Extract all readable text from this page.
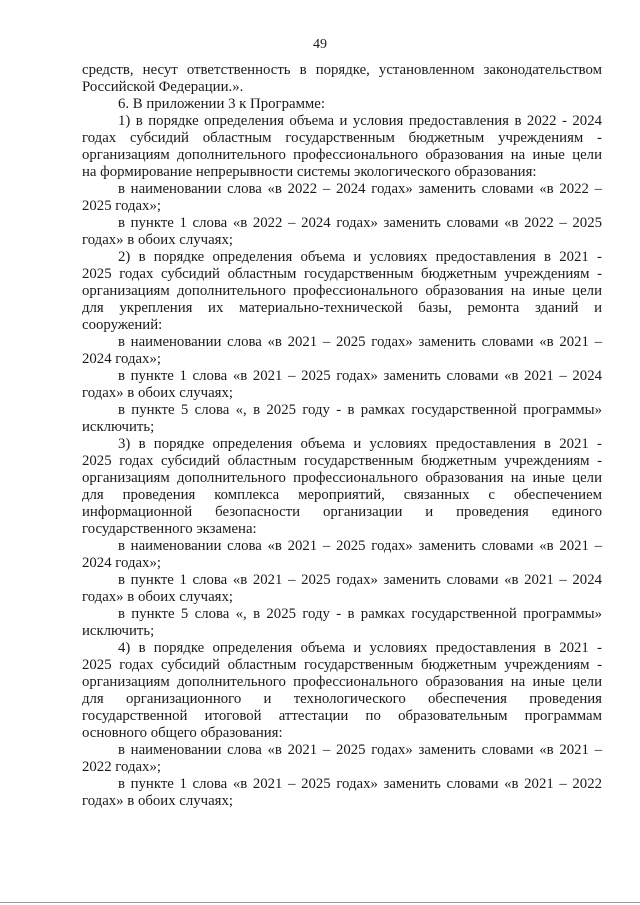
49
средств, несут ответственность в порядке, установленном законодательством
Российской Федерации.».
6. В приложении 3 к Программе:
1) в порядке определения объема и условия предоставления в 2022 - 2024
годах субсидий областным государственным бюджетным учреждениям -
организациям дополнительного профессионального образования на иные цели
на формирование непрерывности системы экологического образования:
в наименовании слова «в 2022 – 2024 годах» заменить словами «в 2022 –
2025 годах»;
в пункте 1 слова «в 2022 – 2024 годах» заменить словами «в 2022 – 2025
годах» в обоих случаях;
2) в порядке определения объема и условиях предоставления в 2021 -
2025 годах субсидий областным государственным бюджетным учреждениям -
организациям дополнительного профессионального образования на иные цели
для укрепления их материально-технической базы, ремонта зданий и
сооружений:
в наименовании слова «в 2021 – 2025 годах» заменить словами «в 2021 –
2024 годах»;
в пункте 1 слова «в 2021 – 2025 годах» заменить словами «в 2021 – 2024
годах» в обоих случаях;
в пункте 5 слова «, в 2025 году - в рамках государственной программы»
исключить;
3) в порядке определения объема и условиях предоставления в 2021 -
2025 годах субсидий областным государственным бюджетным учреждениям -
организациям дополнительного профессионального образования на иные цели
для проведения комплекса мероприятий, связанных с обеспечением
информационной безопасности организации и проведения единого
государственного экзамена:
в наименовании слова «в 2021 – 2025 годах» заменить словами «в 2021 –
2024 годах»;
в пункте 1 слова «в 2021 – 2025 годах» заменить словами «в 2021 – 2024
годах» в обоих случаях;
в пункте 5 слова «, в 2025 году - в рамках государственной программы»
исключить;
4) в порядке определения объема и условиях предоставления в 2021 -
2025 годах субсидий областным государственным бюджетным учреждениям -
организациям дополнительного профессионального образования на иные цели
для организационного и технологического обеспечения проведения
государственной итоговой аттестации по образовательным программам
основного общего образования:
в наименовании слова «в 2021 – 2025 годах» заменить словами «в 2021 –
2022 годах»;
в пункте 1 слова «в 2021 – 2025 годах» заменить словами «в 2021 – 2022
годах» в обоих случаях;
